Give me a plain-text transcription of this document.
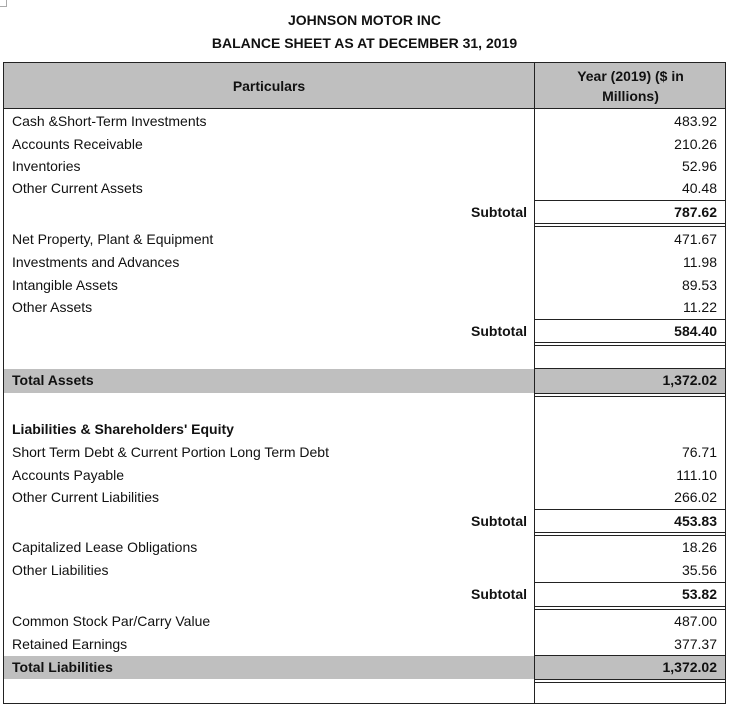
JOHNSON MOTOR INC
BALANCE SHEET AS AT DECEMBER 31, 2019
Particulars
Year (2019) ($ in Millions)
Cash &Short-Term Investments	483.92
Accounts Receivable	210.26
Inventories	52.96
Other Current Assets	40.48
Subtotal	787.62
Net Property, Plant & Equipment	471.67
Investments and Advances	11.98
Intangible Assets	89.53
Other Assets	11.22
Subtotal	584.40
Total Assets	1,372.02
Liabilities & Shareholders' Equity
Short Term Debt & Current Portion Long Term Debt	76.71
Accounts Payable	111.10
Other Current Liabilities	266.02
Subtotal	453.83
Capitalized Lease Obligations	18.26
Other Liabilities	35.56
Subtotal	53.82
Common Stock Par/Carry Value	487.00
Retained Earnings	377.37
Total Liabilities	1,372.02
